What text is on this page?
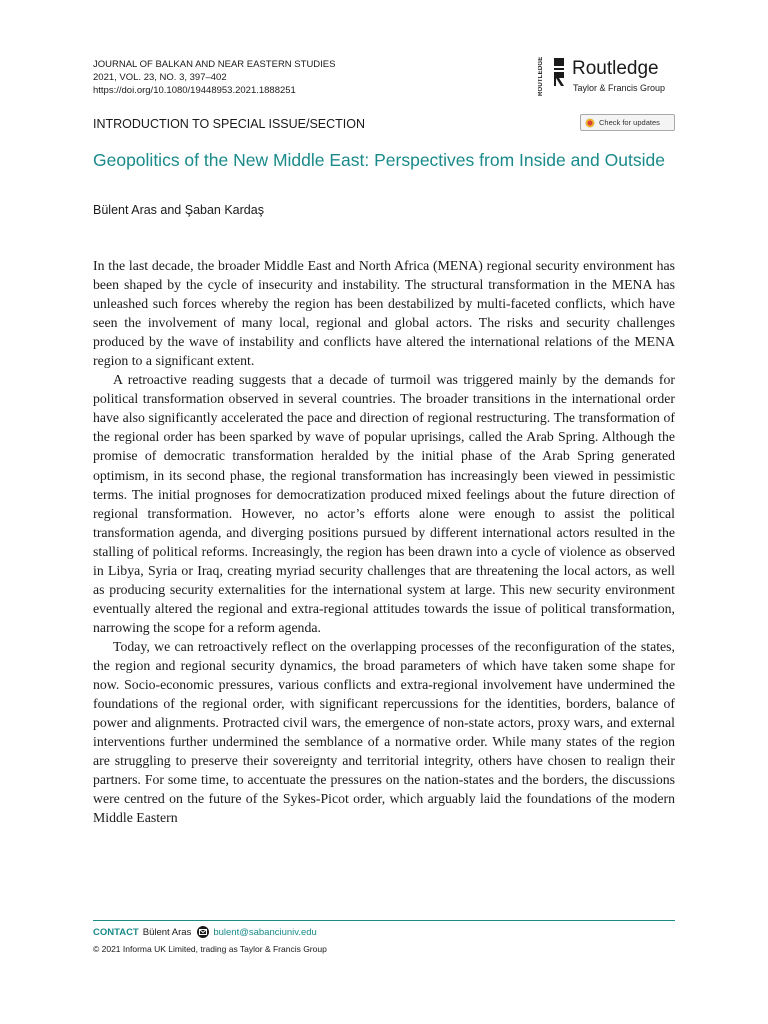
JOURNAL OF BALKAN AND NEAR EASTERN STUDIES
2021, VOL. 23, NO. 3, 397–402
https://doi.org/10.1080/19448953.2021.1888251	ROUTLEDGE	Routledge
Taylor & Francis Group
INTRODUCTION TO SPECIAL ISSUE/SECTION	Check for updates
Geopolitics of the New Middle East: Perspectives from Inside and Outside
Bülent Aras and Şaban Kardaş

In the last decade, the broader Middle East and North Africa (MENA) regional security environment has been shaped by the cycle of insecurity and instability. The structural transformation in the MENA has unleashed such forces whereby the region has been destabilized by multi-faceted conflicts, which have seen the involvement of many local, regional and global actors. The risks and security challenges produced by the wave of instability and conflicts have altered the international relations of the MENA region to a significant extent.

A retroactive reading suggests that a decade of turmoil was triggered mainly by the demands for political transformation observed in several countries. The broader transitions in the international order have also significantly accelerated the pace and direction of regional restructuring. The transformation of the regional order has been sparked by wave of popular uprisings, called the Arab Spring. Although the promise of democratic transformation heralded by the initial phase of the Arab Spring generated optimism, in its second phase, the regional transformation has increasingly been viewed in pessimistic terms. The initial prognoses for democratization produced mixed feelings about the future direction of regional transformation. However, no actor’s efforts alone were enough to assist the political transformation agenda, and diverging positions pursued by different international actors resulted in the stalling of political reforms. Increasingly, the region has been drawn into a cycle of violence as observed in Libya, Syria or Iraq, creating myriad security challenges that are threatening the local actors, as well as producing security externalities for the international system at large. This new security environment eventually altered the regional and extra-regional attitudes towards the issue of political transformation, narrowing the scope for a reform agenda.

Today, we can retroactively reflect on the overlapping processes of the reconfiguration of the states, the region and regional security dynamics, the broad parameters of which have taken some shape for now. Socio-economic pressures, various conflicts and extra-regional involvement have undermined the foundations of the regional order, with significant repercussions for the identities, borders, balance of power and alignments. Protracted civil wars, the emergence of non-state actors, proxy wars, and external interventions further undermined the semblance of a normative order. While many states of the region are struggling to preserve their sovereignty and territorial integrity, others have chosen to realign their partners. For some time, to accentuate the pressures on the nation-states and the borders, the discussions were centred on the future of the Sykes-Picot order, which arguably laid the foundations of the modern Middle Eastern

CONTACT Bülent Aras bulent@sabanciuniv.edu
© 2021 Informa UK Limited, trading as Taylor & Francis Group
